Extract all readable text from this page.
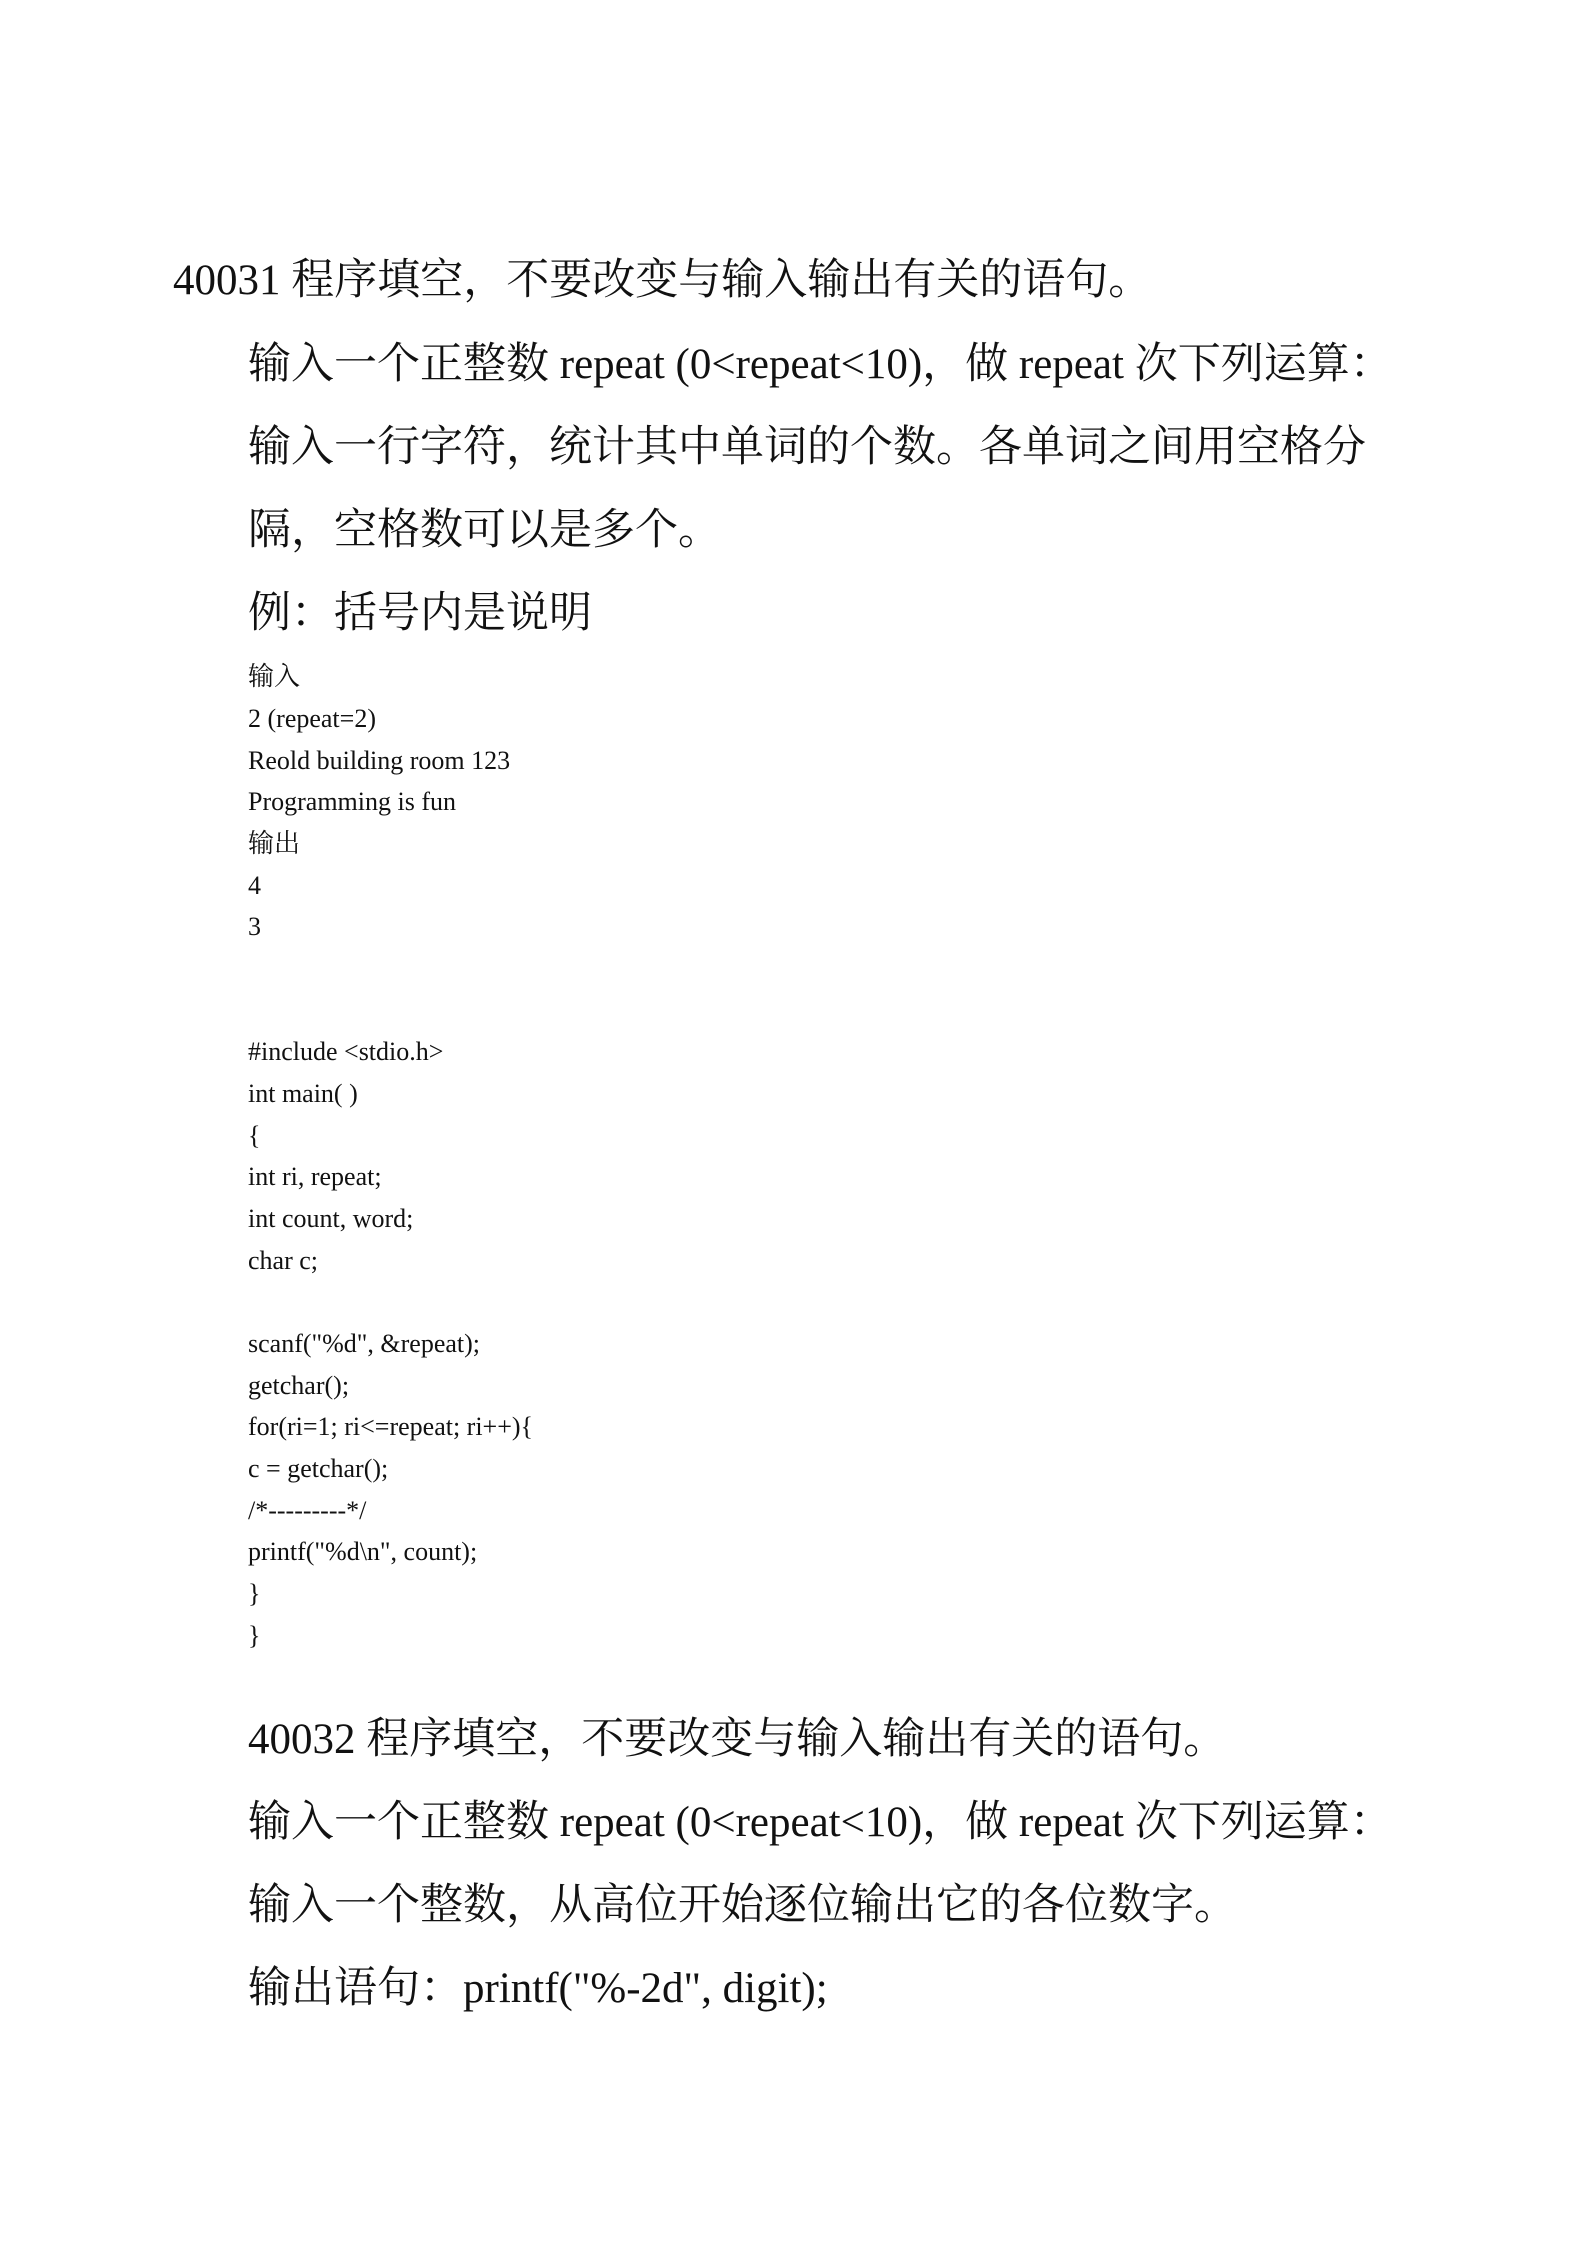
40031 程序填空，不要改变与输入输出有关的语句。
输入一个正整数 repeat (0<repeat<10)，做 repeat 次下列运算：
输入一行字符，统计其中单词的个数。各单词之间用空格分
隔，空格数可以是多个。
例：括号内是说明
输入
2 (repeat=2)
Reold building room 123
Programming is fun
输出
4
3
#include <stdio.h>
int main( )
{
int ri, repeat;
int count, word;
char c;
scanf("%d", &repeat);
getchar();
for(ri=1; ri<=repeat; ri++){
c = getchar();
/*---------*/
printf("%d\n", count);
}
}
40032 程序填空，不要改变与输入输出有关的语句。
输入一个正整数 repeat (0<repeat<10)，做 repeat 次下列运算：
输入一个整数，从高位开始逐位输出它的各位数字。
输出语句：printf("%-2d", digit);
